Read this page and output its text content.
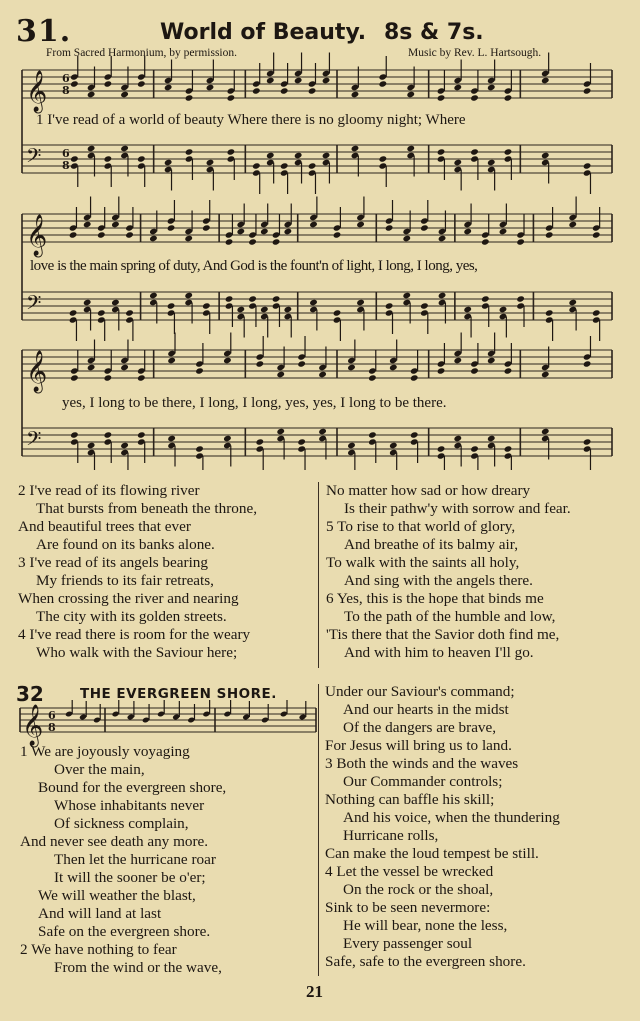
31.	World of Beauty. 8s & 7s.
From Sacred Harmonium, by permission.	Music by Rev. L. Hartsough.
𝄞
𝄢
6
8
6
8
𝄞
𝄢
𝄞
𝄢
1 I've read of a world of beauty Where there is no gloomy night; Where
love is the main spring of duty, And God is the fount'n of light, I long, I long, yes,
yes, I long to be there, I long, I long, yes, yes, I long to be there.
2 I've read of its flowing river
That bursts from beneath the throne,
And beautiful trees that ever
Are found on its banks alone.
3 I've read of its angels bearing
My friends to its fair retreats,
When crossing the river and nearing
The city with its golden streets.
4 I've read there is room for the weary
Who walk with the Saviour here;
No matter how sad or how dreary
Is their pathw'y with sorrow and fear.
5 To rise to that world of glory,
And breathe of its balmy air,
To walk with the saints all holy,
And sing with the angels there.
6 Yes, this is the hope that binds me
To the path of the humble and low,
'Tis there that the Savior doth find me,
And with him to heaven I'll go.
32	THE EVERGREEN SHORE.
𝄞 6
8
1 We are joyously voyaging
Over the main,
Bound for the evergreen shore,
Whose inhabitants never
Of sickness complain,
And never see death any more.
Then let the hurricane roar
It will the sooner be o'er;
We will weather the blast,
And will land at last
Safe on the evergreen shore.
2 We have nothing to fear
From the wind or the wave,
Under our Saviour's command;
And our hearts in the midst
Of the dangers are brave,
For Jesus will bring us to land.
3 Both the winds and the waves
Our Commander controls;
Nothing can baffle his skill;
And his voice, when the thundering
Hurricane rolls,
Can make the loud tempest be still.
4 Let the vessel be wrecked
On the rock or the shoal,
Sink to be seen nevermore:
He will bear, none the less,
Every passenger soul
Safe, safe to the evergreen shore.
21
